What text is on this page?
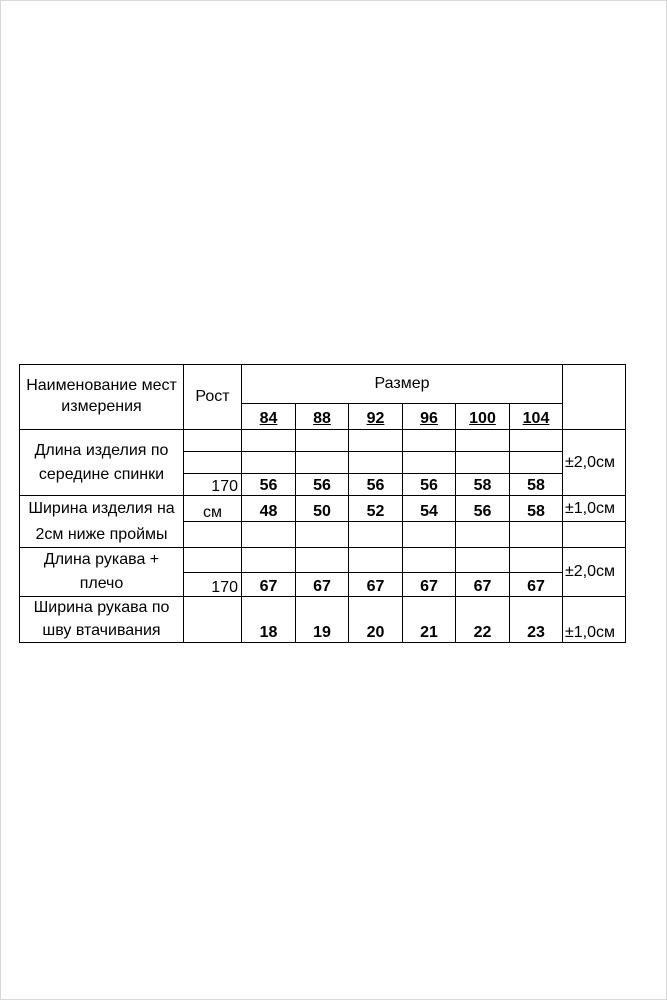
Наименование мест измерения	Рост	Размер						
		84	88	92	96	100	104	
Длина изделия по середине спинки								±2,0см

	170	56	56	56	56	58	58	
Ширина изделия на 2см ниже проймы	см	48	50	52	54	56	58	±1,0см

Длина рукава + плечо								±2,0см
	170	67	67	67	67	67	67	
Ширина рукава по шву втачивания		18	19	20	21	22	23	±1,0см
